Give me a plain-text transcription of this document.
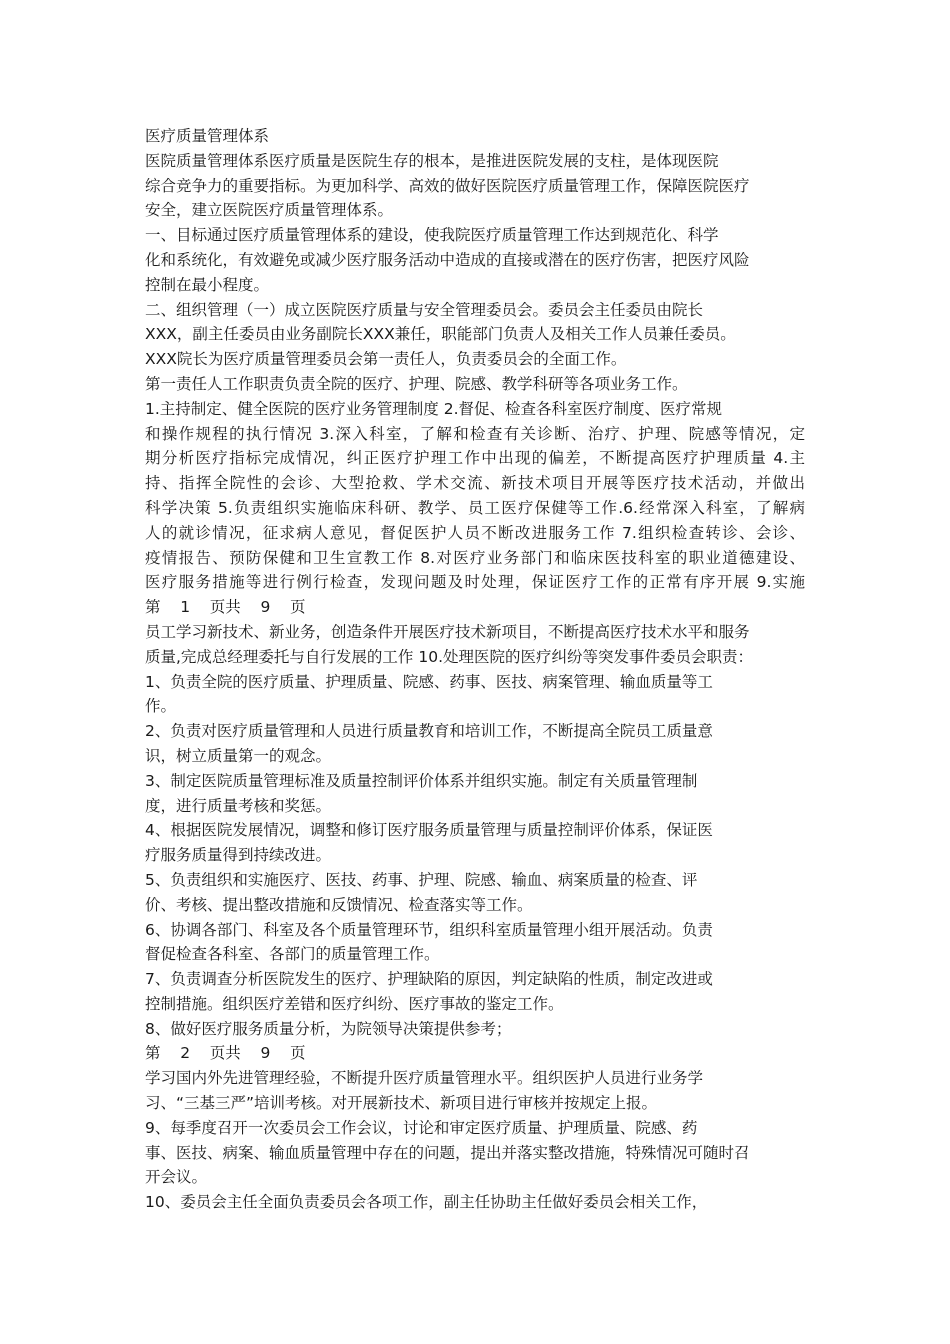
医疗质量管理体系
医院质量管理体系医疗质量是医院生存的根本，是推进医院发展的支柱，是体现医院
综合竞争力的重要指标。为更加科学、高效的做好医院医疗质量管理工作，保障医院医疗
安全，建立医院医疗质量管理体系。
一、目标通过医疗质量管理体系的建设，使我院医疗质量管理工作达到规范化、科学
化和系统化，有效避免或减少医疗服务活动中造成的直接或潜在的医疗伤害，把医疗风险
控制在最小程度。
二、组织管理（一）成立医院医疗质量与安全管理委员会。委员会主任委员由院长
XXX，副主任委员由业务副院长XXX兼任，职能部门负责人及相关工作人员兼任委员。
XXX院长为医疗质量管理委员会第一责任人，负责委员会的全面工作。
第一责任人工作职责负责全院的医疗、护理、院感、教学科研等各项业务工作。
1.主持制定、健全医院的医疗业务管理制度 2.督促、检查各科室医疗制度、医疗常规
和操作规程的执行情况 3.深入科室，了解和检查有关诊断、治疗、护理、院感等情况，定
期分析医疗指标完成情况，纠正医疗护理工作中出现的偏差，不断提高医疗护理质量 4.主
持、指挥全院性的会诊、大型抢救、学术交流、新技术项目开展等医疗技术活动，并做出
科学决策 5.负责组织实施临床科研、教学、员工医疗保健等工作.6.经常深入科室，了解病
人的就诊情况，征求病人意见，督促医护人员不断改进服务工作 7.组织检查转诊、会诊、
疫情报告、预防保健和卫生宣教工作 8.对医疗业务部门和临床医技科室的职业道德建设、
医疗服务措施等进行例行检查，发现问题及时处理，保证医疗工作的正常有序开展 9.实施
第    1    页共    9    页
员工学习新技术、新业务，创造条件开展医疗技术新项目，不断提高医疗技术水平和服务
质量,完成总经理委托与自行发展的工作 10.处理医院的医疗纠纷等突发事件委员会职责：
1、负责全院的医疗质量、护理质量、院感、药事、医技、病案管理、输血质量等工
作。
2、负责对医疗质量管理和人员进行质量教育和培训工作，不断提高全院员工质量意
识，树立质量第一的观念。
3、制定医院质量管理标准及质量控制评价体系并组织实施。制定有关质量管理制
度，进行质量考核和奖惩。
4、根据医院发展情况，调整和修订医疗服务质量管理与质量控制评价体系，保证医
疗服务质量得到持续改进。
5、负责组织和实施医疗、医技、药事、护理、院感、输血、病案质量的检查、评
价、考核、提出整改措施和反馈情况、检查落实等工作。
6、协调各部门、科室及各个质量管理环节，组织科室质量管理小组开展活动。负责
督促检查各科室、各部门的质量管理工作。
7、负责调查分析医院发生的医疗、护理缺陷的原因，判定缺陷的性质，制定改进或
控制措施。组织医疗差错和医疗纠纷、医疗事故的鉴定工作。
8、做好医疗服务质量分析，为院领导决策提供参考；
第    2    页共    9    页
学习国内外先进管理经验，不断提升医疗质量管理水平。组织医护人员进行业务学
习、“三基三严”培训考核。对开展新技术、新项目进行审核并按规定上报。
9、每季度召开一次委员会工作会议，讨论和审定医疗质量、护理质量、院感、药
事、医技、病案、输血质量管理中存在的问题，提出并落实整改措施，特殊情况可随时召
开会议。
10、委员会主任全面负责委员会各项工作，副主任协助主任做好委员会相关工作，
